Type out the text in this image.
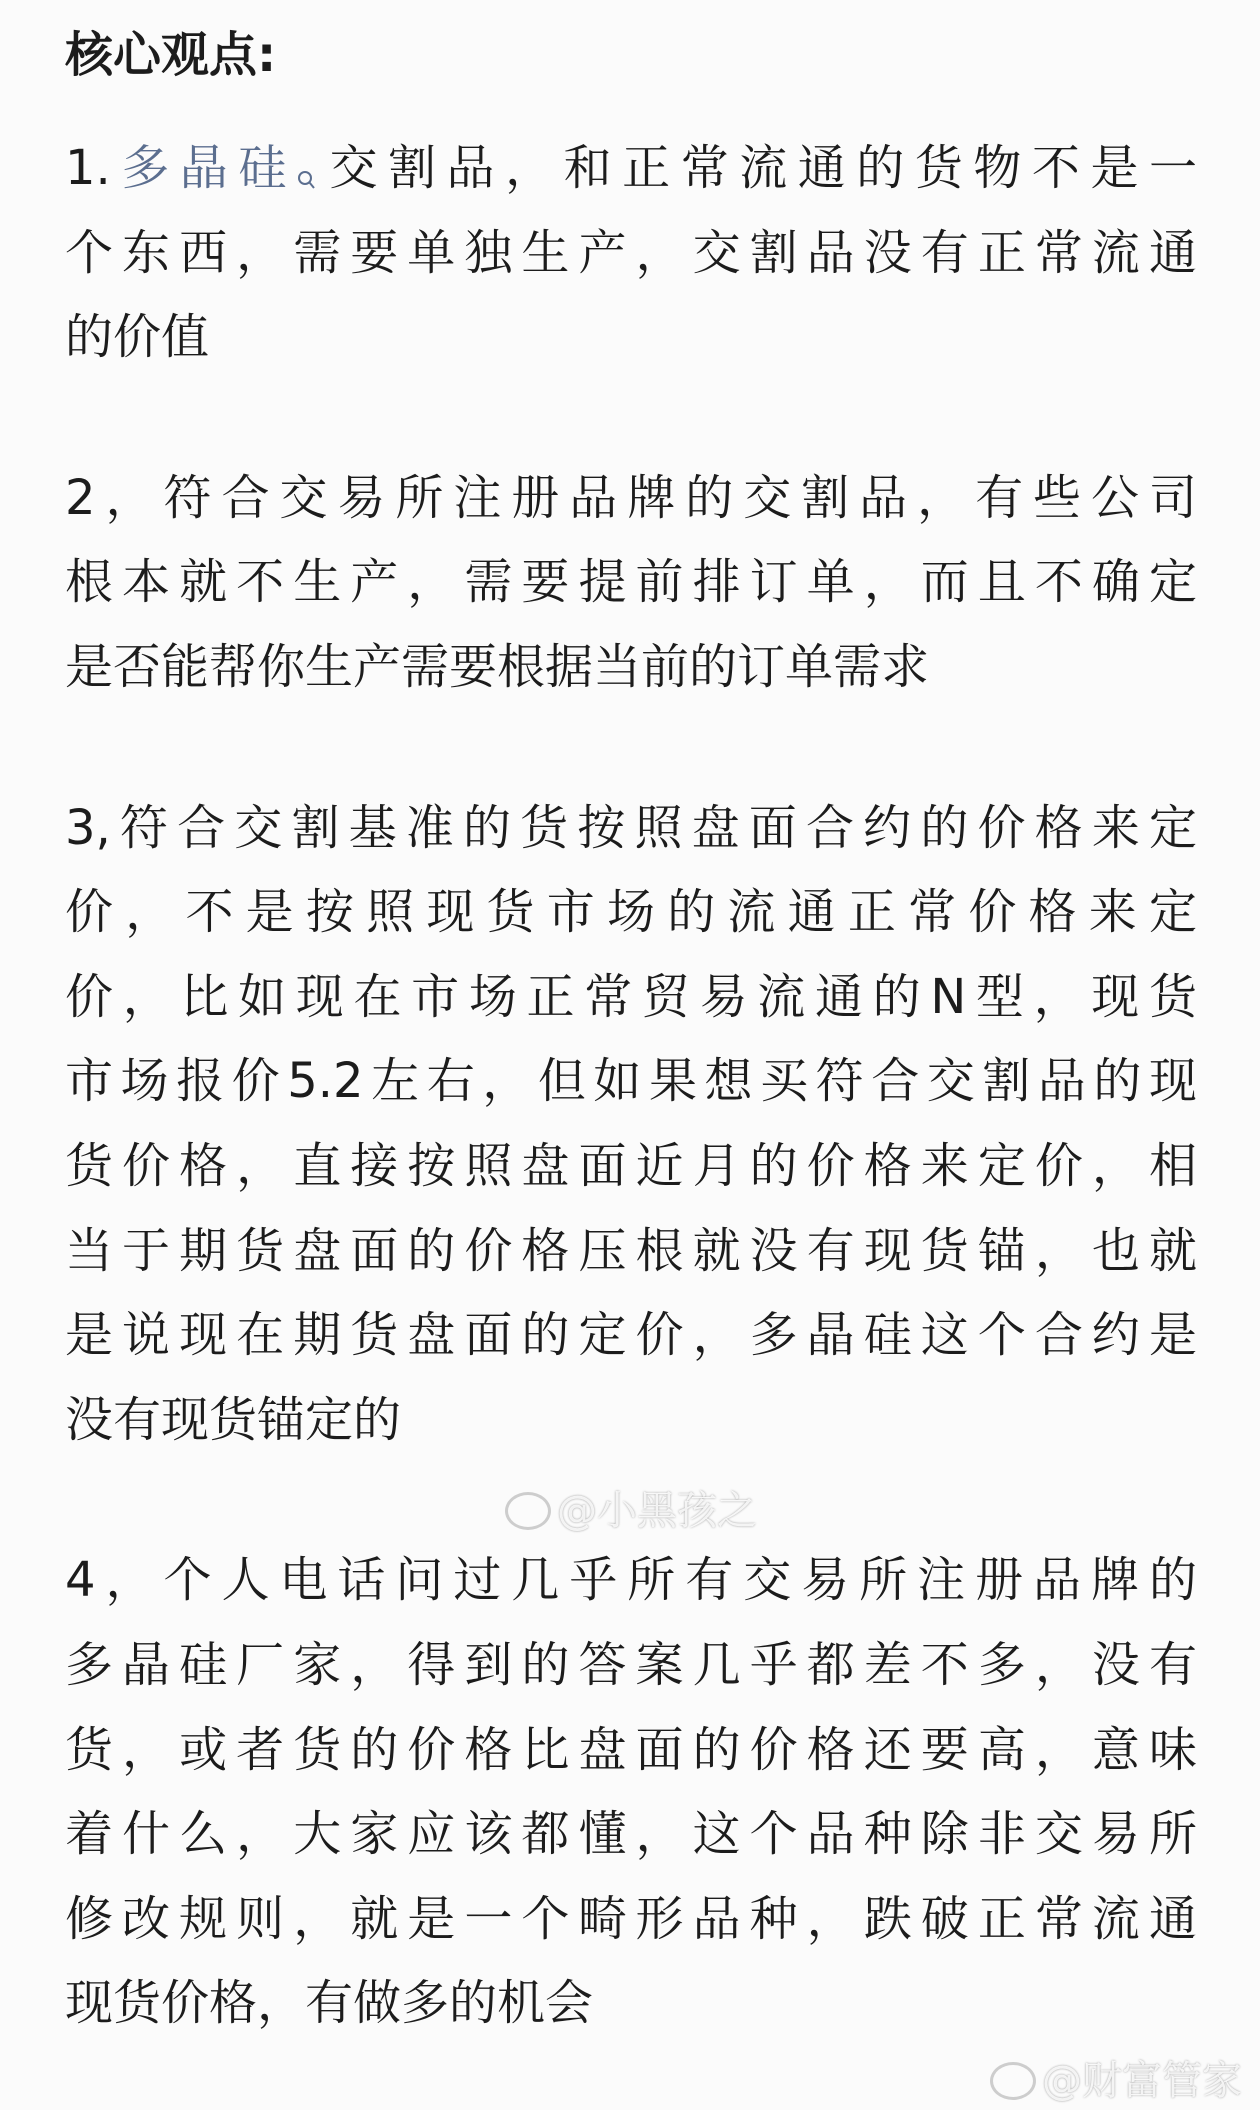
核心观点:
1.多晶硅 交割品，和正常流通的货物不是一
个东西，需要单独生产，交割品没有正常流通
的价值
2，符合交易所注册品牌的交割品，有些公司
根本就不生产，需要提前排订单，而且不确定
是否能帮你生产需要根据当前的订单需求
3,符合交割基准的货按照盘面合约的价格来定
价，不是按照现货市场的流通正常价格来定
价，比如现在市场正常贸易流通的N型，现货
市场报价5.2左右，但如果想买符合交割品的现
货价格，直接按照盘面近月的价格来定价，相
当于期货盘面的价格压根就没有现货锚，也就
是说现在期货盘面的定价，多晶硅这个合约是
没有现货锚定的
4，个人电话问过几乎所有交易所注册品牌的
多晶硅厂家，得到的答案几乎都差不多，没有
货，或者货的价格比盘面的价格还要高，意味
着什么，大家应该都懂，这个品种除非交易所
修改规则，就是一个畸形品种，跌破正常流通
现货价格，有做多的机会
@小黑孩之
@财富管家
